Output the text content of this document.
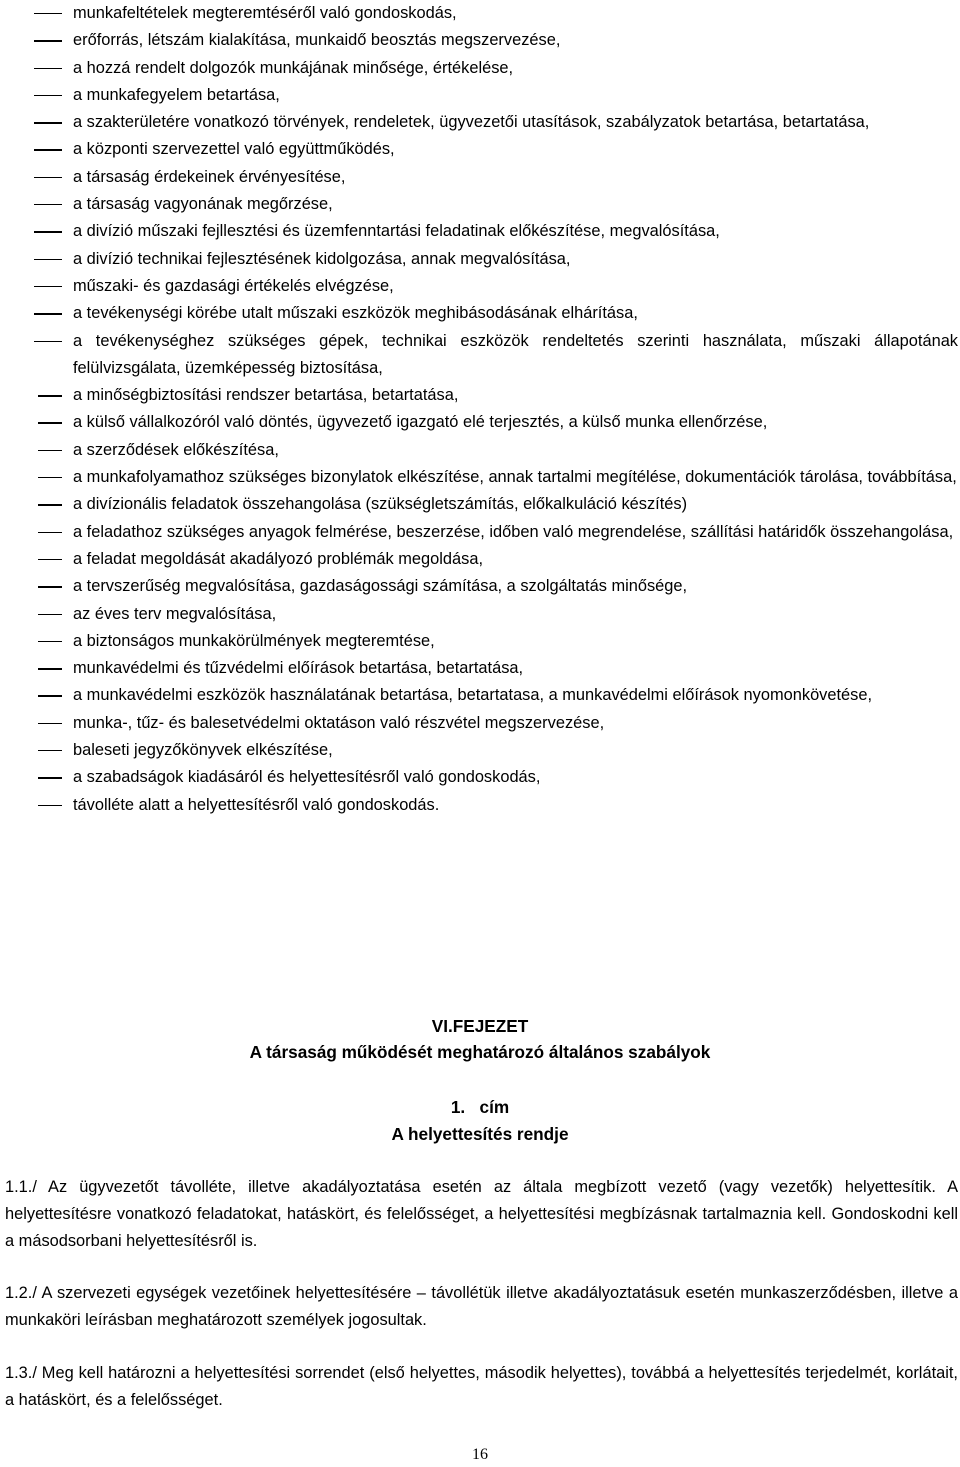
munkafeltételek megteremtéséről való gondoskodás,
erőforrás, létszám kialakítása, munkaidő beosztás megszervezése,
a hozzá rendelt dolgozók munkájának minősége, értékelése,
a munkafegyelem betartása,
a szakterületére vonatkozó törvények, rendeletek, ügyvezetői utasítások, szabályzatok betartása, betartatása,
a központi szervezettel való együttműködés,
a társaság érdekeinek érvényesítése,
a társaság vagyonának megőrzése,
a divízió műszaki fejllesztési és üzemfenntartási feladatinak előkészítése, megvalósítása,
a divízió technikai fejlesztésének kidolgozása, annak megvalósítása,
műszaki- és gazdasági értékelés elvégzése,
a tevékenységi körébe utalt műszaki eszközök meghibásodásának elhárítása,
a tevékenységhez szükséges gépek, technikai eszközök rendeltetés szerinti használata, műszaki állapotának felülvizsgálata, üzemképesség biztosítása,
a minőségbiztosítási rendszer betartása, betartatása,
a külső vállalkozóról való döntés, ügyvezető igazgató elé terjesztés, a külső munka ellenőrzése,
a szerződések előkészítésa,
a munkafolyamathoz szükséges bizonylatok elkészítése, annak tartalmi megítélése, dokumentációk tárolása, továbbítása,
a divízionális feladatok összehangolása (szükségletszámítás, előkalkuláció készítés)
a feladathoz szükséges anyagok felmérése, beszerzése, időben való megrendelése, szállítási határidők összehangolása,
a feladat megoldását akadályozó problémák megoldása,
a tervszerűség megvalósítása, gazdaságossági számítása, a szolgáltatás minősége,
az éves terv megvalósítása,
a biztonságos munkakörülmények megteremtése,
munkavédelmi és tűzvédelmi előírások betartása, betartatása,
a munkavédelmi eszközök használatának betartása, betartatasa, a munkavédelmi előírások nyomonkövetése,
munka-, tűz- és balesetvédelmi oktatáson való részvétel megszervezése,
baleseti jegyzőkönyvek elkészítése,
a szabadságok kiadásáról és helyettesítésről való gondoskodás,
távolléte alatt a helyettesítésről való gondoskodás.
VI.FEJEZET
A társaság működését meghatározó általános szabályok
1.   cím
A helyettesítés rendje

1.1./ Az ügyvezetőt távolléte, illetve akadályoztatása esetén az általa megbízott vezető (vagy vezetők) helyettesítik. A helyettesítésre vonatkozó feladatokat, hatáskört, és felelősséget, a helyettesítési megbízásnak tartalmaznia kell. Gondoskodni kell a másodsorbani helyettesítésről is.

1.2./ A szervezeti egységek vezetőinek helyettesítésére – távollétük illetve akadályoztatásuk esetén munkaszerződésben, illetve a munkaköri leírásban meghatározott személyek jogosultak.

1.3./ Meg kell határozni a helyettesítési sorrendet (első helyettes, második helyettes), továbbá a helyettesítés terjedelmét, korlátait, a hatáskört, és a felelősséget.

16
